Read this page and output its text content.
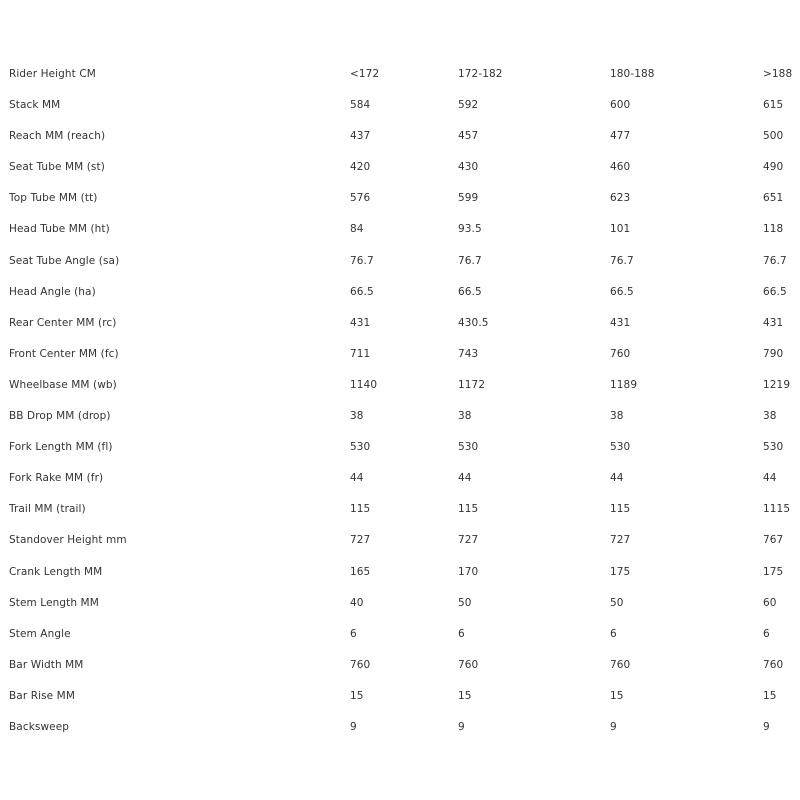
Rider Height CM	<172	172-182	180-188	>188
Stack MM	584	592	600	615
Reach MM (reach)	437	457	477	500
Seat Tube MM (st)	420	430	460	490
Top Tube MM (tt)	576	599	623	651
Head Tube MM (ht)	84	93.5	101	118
Seat Tube Angle (sa)	76.7	76.7	76.7	76.7
Head Angle (ha)	66.5	66.5	66.5	66.5
Rear Center MM (rc)	431	430.5	431	431
Front Center MM (fc)	711	743	760	790
Wheelbase MM (wb)	1140	1172	1189	1219
BB Drop MM (drop)	38	38	38	38
Fork Length MM (fl)	530	530	530	530
Fork Rake MM (fr)	44	44	44	44
Trail MM (trail)	115	115	115	1115
Standover Height mm	727	727	727	767
Crank Length MM	165	170	175	175
Stem Length MM	40	50	50	60
Stem Angle	6	6	6	6
Bar Width MM	760	760	760	760
Bar Rise MM	15	15	15	15
Backsweep	9	9	9	9
